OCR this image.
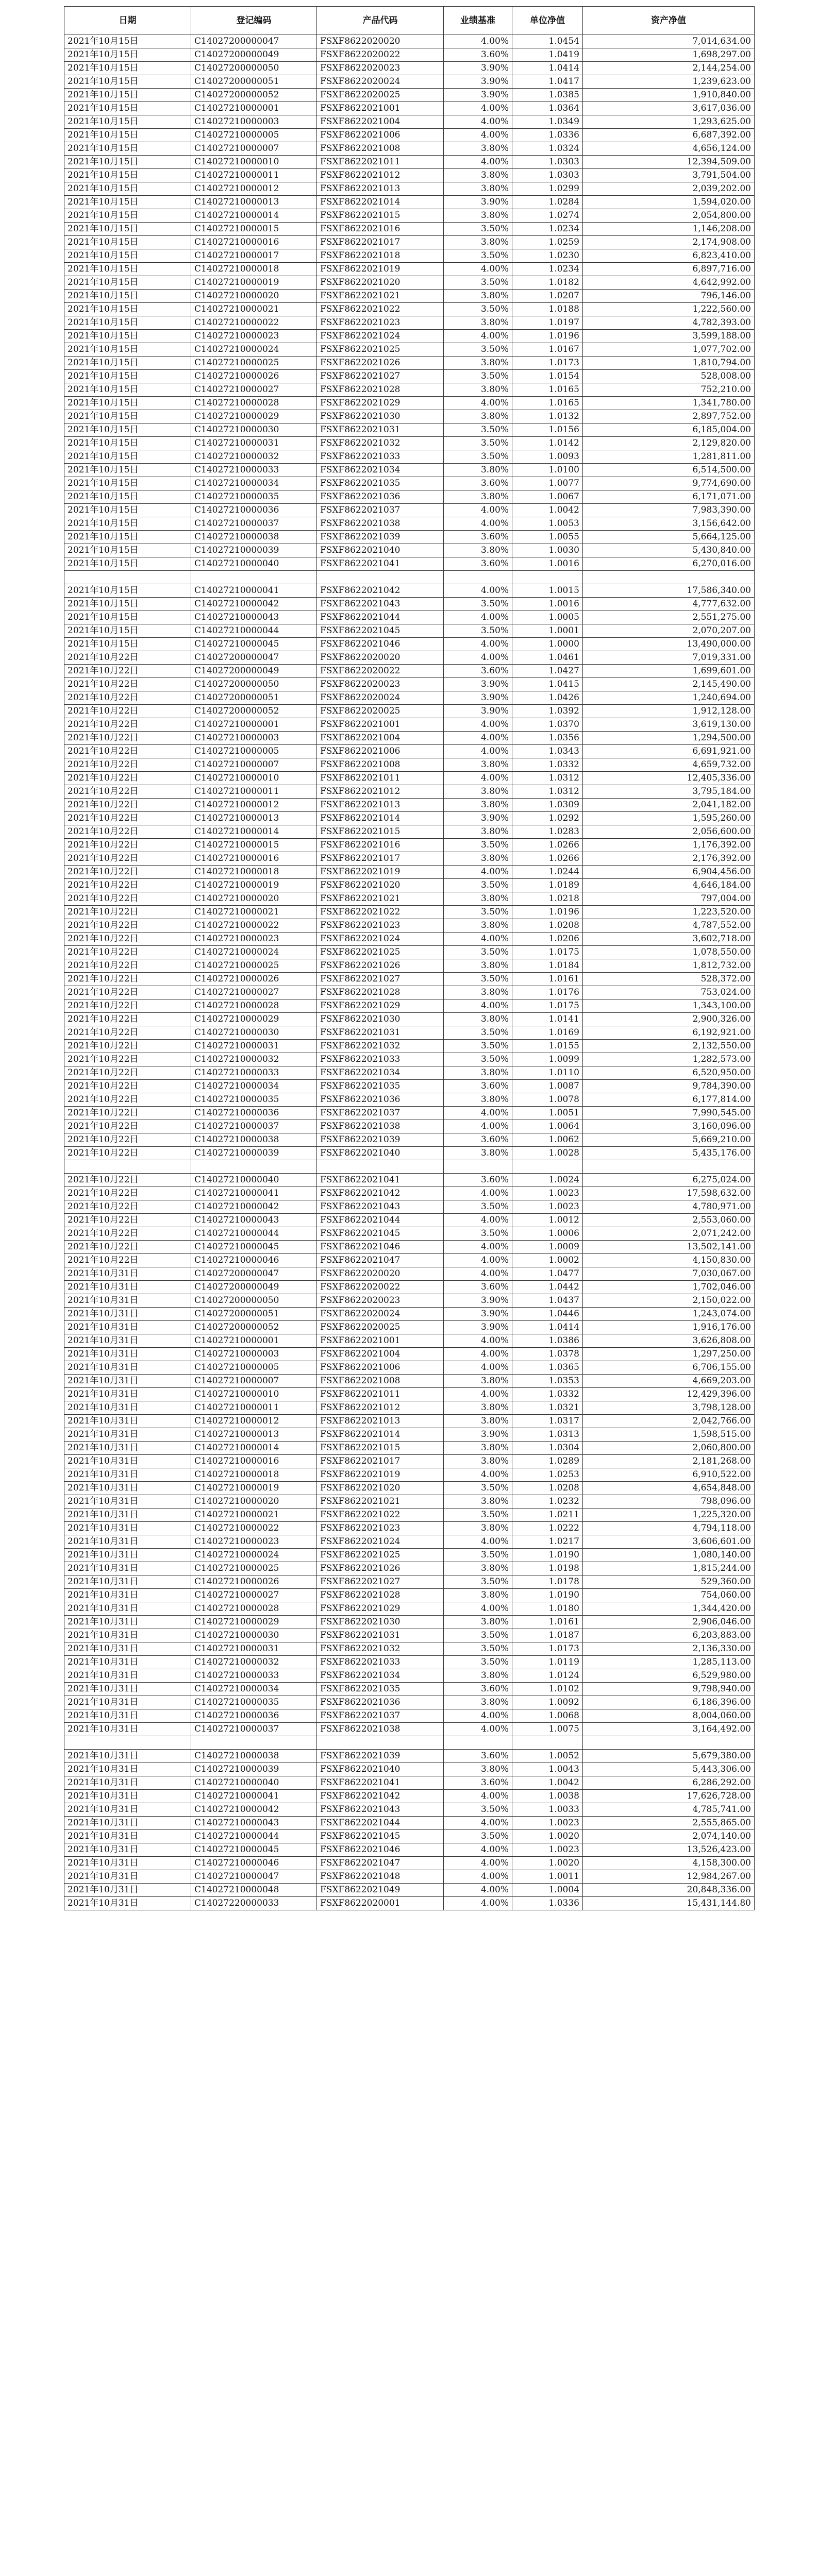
日期	登记编码	产品代码	业绩基准	单位净值	资产净值
2021年10月15日	C14027200000047	FSXF8622020020	4.00%	1.0454	7,014,634.00
2021年10月15日	C14027200000049	FSXF8622020022	3.60%	1.0419	1,698,297.00
2021年10月15日	C14027200000050	FSXF8622020023	3.90%	1.0414	2,144,254.00
2021年10月15日	C14027200000051	FSXF8622020024	3.90%	1.0417	1,239,623.00
2021年10月15日	C14027200000052	FSXF8622020025	3.90%	1.0385	1,910,840.00
2021年10月15日	C14027210000001	FSXF8622021001	4.00%	1.0364	3,617,036.00
2021年10月15日	C14027210000003	FSXF8622021004	4.00%	1.0349	1,293,625.00
2021年10月15日	C14027210000005	FSXF8622021006	4.00%	1.0336	6,687,392.00
2021年10月15日	C14027210000007	FSXF8622021008	3.80%	1.0324	4,656,124.00
2021年10月15日	C14027210000010	FSXF8622021011	4.00%	1.0303	12,394,509.00
2021年10月15日	C14027210000011	FSXF8622021012	3.80%	1.0303	3,791,504.00
2021年10月15日	C14027210000012	FSXF8622021013	3.80%	1.0299	2,039,202.00
2021年10月15日	C14027210000013	FSXF8622021014	3.90%	1.0284	1,594,020.00
2021年10月15日	C14027210000014	FSXF8622021015	3.80%	1.0274	2,054,800.00
2021年10月15日	C14027210000015	FSXF8622021016	3.50%	1.0234	1,146,208.00
2021年10月15日	C14027210000016	FSXF8622021017	3.80%	1.0259	2,174,908.00
2021年10月15日	C14027210000017	FSXF8622021018	3.50%	1.0230	6,823,410.00
2021年10月15日	C14027210000018	FSXF8622021019	4.00%	1.0234	6,897,716.00
2021年10月15日	C14027210000019	FSXF8622021020	3.50%	1.0182	4,642,992.00
2021年10月15日	C14027210000020	FSXF8622021021	3.80%	1.0207	796,146.00
2021年10月15日	C14027210000021	FSXF8622021022	3.50%	1.0188	1,222,560.00
2021年10月15日	C14027210000022	FSXF8622021023	3.80%	1.0197	4,782,393.00
2021年10月15日	C14027210000023	FSXF8622021024	4.00%	1.0196	3,599,188.00
2021年10月15日	C14027210000024	FSXF8622021025	3.50%	1.0167	1,077,702.00
2021年10月15日	C14027210000025	FSXF8622021026	3.80%	1.0173	1,810,794.00
2021年10月15日	C14027210000026	FSXF8622021027	3.50%	1.0154	528,008.00
2021年10月15日	C14027210000027	FSXF8622021028	3.80%	1.0165	752,210.00
2021年10月15日	C14027210000028	FSXF8622021029	4.00%	1.0165	1,341,780.00
2021年10月15日	C14027210000029	FSXF8622021030	3.80%	1.0132	2,897,752.00
2021年10月15日	C14027210000030	FSXF8622021031	3.50%	1.0156	6,185,004.00
2021年10月15日	C14027210000031	FSXF8622021032	3.50%	1.0142	2,129,820.00
2021年10月15日	C14027210000032	FSXF8622021033	3.50%	1.0093	1,281,811.00
2021年10月15日	C14027210000033	FSXF8622021034	3.80%	1.0100	6,514,500.00
2021年10月15日	C14027210000034	FSXF8622021035	3.60%	1.0077	9,774,690.00
2021年10月15日	C14027210000035	FSXF8622021036	3.80%	1.0067	6,171,071.00
2021年10月15日	C14027210000036	FSXF8622021037	4.00%	1.0042	7,983,390.00
2021年10月15日	C14027210000037	FSXF8622021038	4.00%	1.0053	3,156,642.00
2021年10月15日	C14027210000038	FSXF8622021039	3.60%	1.0055	5,664,125.00
2021年10月15日	C14027210000039	FSXF8622021040	3.80%	1.0030	5,430,840.00
2021年10月15日	C14027210000040	FSXF8622021041	3.60%	1.0016	6,270,016.00

2021年10月15日	C14027210000041	FSXF8622021042	4.00%	1.0015	17,586,340.00
2021年10月15日	C14027210000042	FSXF8622021043	3.50%	1.0016	4,777,632.00
2021年10月15日	C14027210000043	FSXF8622021044	4.00%	1.0005	2,551,275.00
2021年10月15日	C14027210000044	FSXF8622021045	3.50%	1.0001	2,070,207.00
2021年10月15日	C14027210000045	FSXF8622021046	4.00%	1.0000	13,490,000.00
2021年10月22日	C14027200000047	FSXF8622020020	4.00%	1.0461	7,019,331.00
2021年10月22日	C14027200000049	FSXF8622020022	3.60%	1.0427	1,699,601.00
2021年10月22日	C14027200000050	FSXF8622020023	3.90%	1.0415	2,145,490.00
2021年10月22日	C14027200000051	FSXF8622020024	3.90%	1.0426	1,240,694.00
2021年10月22日	C14027200000052	FSXF8622020025	3.90%	1.0392	1,912,128.00
2021年10月22日	C14027210000001	FSXF8622021001	4.00%	1.0370	3,619,130.00
2021年10月22日	C14027210000003	FSXF8622021004	4.00%	1.0356	1,294,500.00
2021年10月22日	C14027210000005	FSXF8622021006	4.00%	1.0343	6,691,921.00
2021年10月22日	C14027210000007	FSXF8622021008	3.80%	1.0332	4,659,732.00
2021年10月22日	C14027210000010	FSXF8622021011	4.00%	1.0312	12,405,336.00
2021年10月22日	C14027210000011	FSXF8622021012	3.80%	1.0312	3,795,184.00
2021年10月22日	C14027210000012	FSXF8622021013	3.80%	1.0309	2,041,182.00
2021年10月22日	C14027210000013	FSXF8622021014	3.90%	1.0292	1,595,260.00
2021年10月22日	C14027210000014	FSXF8622021015	3.80%	1.0283	2,056,600.00
2021年10月22日	C14027210000015	FSXF8622021016	3.50%	1.0266	1,176,392.00
2021年10月22日	C14027210000016	FSXF8622021017	3.80%	1.0266	2,176,392.00
2021年10月22日	C14027210000018	FSXF8622021019	4.00%	1.0244	6,904,456.00
2021年10月22日	C14027210000019	FSXF8622021020	3.50%	1.0189	4,646,184.00
2021年10月22日	C14027210000020	FSXF8622021021	3.80%	1.0218	797,004.00
2021年10月22日	C14027210000021	FSXF8622021022	3.50%	1.0196	1,223,520.00
2021年10月22日	C14027210000022	FSXF8622021023	3.80%	1.0208	4,787,552.00
2021年10月22日	C14027210000023	FSXF8622021024	4.00%	1.0206	3,602,718.00
2021年10月22日	C14027210000024	FSXF8622021025	3.50%	1.0175	1,078,550.00
2021年10月22日	C14027210000025	FSXF8622021026	3.80%	1.0184	1,812,732.00
2021年10月22日	C14027210000026	FSXF8622021027	3.50%	1.0161	528,372.00
2021年10月22日	C14027210000027	FSXF8622021028	3.80%	1.0176	753,024.00
2021年10月22日	C14027210000028	FSXF8622021029	4.00%	1.0175	1,343,100.00
2021年10月22日	C14027210000029	FSXF8622021030	3.80%	1.0141	2,900,326.00
2021年10月22日	C14027210000030	FSXF8622021031	3.50%	1.0169	6,192,921.00
2021年10月22日	C14027210000031	FSXF8622021032	3.50%	1.0155	2,132,550.00
2021年10月22日	C14027210000032	FSXF8622021033	3.50%	1.0099	1,282,573.00
2021年10月22日	C14027210000033	FSXF8622021034	3.80%	1.0110	6,520,950.00
2021年10月22日	C14027210000034	FSXF8622021035	3.60%	1.0087	9,784,390.00
2021年10月22日	C14027210000035	FSXF8622021036	3.80%	1.0078	6,177,814.00
2021年10月22日	C14027210000036	FSXF8622021037	4.00%	1.0051	7,990,545.00
2021年10月22日	C14027210000037	FSXF8622021038	4.00%	1.0064	3,160,096.00
2021年10月22日	C14027210000038	FSXF8622021039	3.60%	1.0062	5,669,210.00
2021年10月22日	C14027210000039	FSXF8622021040	3.80%	1.0028	5,435,176.00

2021年10月22日	C14027210000040	FSXF8622021041	3.60%	1.0024	6,275,024.00
2021年10月22日	C14027210000041	FSXF8622021042	4.00%	1.0023	17,598,632.00
2021年10月22日	C14027210000042	FSXF8622021043	3.50%	1.0023	4,780,971.00
2021年10月22日	C14027210000043	FSXF8622021044	4.00%	1.0012	2,553,060.00
2021年10月22日	C14027210000044	FSXF8622021045	3.50%	1.0006	2,071,242.00
2021年10月22日	C14027210000045	FSXF8622021046	4.00%	1.0009	13,502,141.00
2021年10月22日	C14027210000046	FSXF8622021047	4.00%	1.0002	4,150,830.00
2021年10月31日	C14027200000047	FSXF8622020020	4.00%	1.0477	7,030,067.00
2021年10月31日	C14027200000049	FSXF8622020022	3.60%	1.0442	1,702,046.00
2021年10月31日	C14027200000050	FSXF8622020023	3.90%	1.0437	2,150,022.00
2021年10月31日	C14027200000051	FSXF8622020024	3.90%	1.0446	1,243,074.00
2021年10月31日	C14027200000052	FSXF8622020025	3.90%	1.0414	1,916,176.00
2021年10月31日	C14027210000001	FSXF8622021001	4.00%	1.0386	3,626,808.00
2021年10月31日	C14027210000003	FSXF8622021004	4.00%	1.0378	1,297,250.00
2021年10月31日	C14027210000005	FSXF8622021006	4.00%	1.0365	6,706,155.00
2021年10月31日	C14027210000007	FSXF8622021008	3.80%	1.0353	4,669,203.00
2021年10月31日	C14027210000010	FSXF8622021011	4.00%	1.0332	12,429,396.00
2021年10月31日	C14027210000011	FSXF8622021012	3.80%	1.0321	3,798,128.00
2021年10月31日	C14027210000012	FSXF8622021013	3.80%	1.0317	2,042,766.00
2021年10月31日	C14027210000013	FSXF8622021014	3.90%	1.0313	1,598,515.00
2021年10月31日	C14027210000014	FSXF8622021015	3.80%	1.0304	2,060,800.00
2021年10月31日	C14027210000016	FSXF8622021017	3.80%	1.0289	2,181,268.00
2021年10月31日	C14027210000018	FSXF8622021019	4.00%	1.0253	6,910,522.00
2021年10月31日	C14027210000019	FSXF8622021020	3.50%	1.0208	4,654,848.00
2021年10月31日	C14027210000020	FSXF8622021021	3.80%	1.0232	798,096.00
2021年10月31日	C14027210000021	FSXF8622021022	3.50%	1.0211	1,225,320.00
2021年10月31日	C14027210000022	FSXF8622021023	3.80%	1.0222	4,794,118.00
2021年10月31日	C14027210000023	FSXF8622021024	4.00%	1.0217	3,606,601.00
2021年10月31日	C14027210000024	FSXF8622021025	3.50%	1.0190	1,080,140.00
2021年10月31日	C14027210000025	FSXF8622021026	3.80%	1.0198	1,815,244.00
2021年10月31日	C14027210000026	FSXF8622021027	3.50%	1.0178	529,360.00
2021年10月31日	C14027210000027	FSXF8622021028	3.80%	1.0190	754,060.00
2021年10月31日	C14027210000028	FSXF8622021029	4.00%	1.0180	1,344,420.00
2021年10月31日	C14027210000029	FSXF8622021030	3.80%	1.0161	2,906,046.00
2021年10月31日	C14027210000030	FSXF8622021031	3.50%	1.0187	6,203,883.00
2021年10月31日	C14027210000031	FSXF8622021032	3.50%	1.0173	2,136,330.00
2021年10月31日	C14027210000032	FSXF8622021033	3.50%	1.0119	1,285,113.00
2021年10月31日	C14027210000033	FSXF8622021034	3.80%	1.0124	6,529,980.00
2021年10月31日	C14027210000034	FSXF8622021035	3.60%	1.0102	9,798,940.00
2021年10月31日	C14027210000035	FSXF8622021036	3.80%	1.0092	6,186,396.00
2021年10月31日	C14027210000036	FSXF8622021037	4.00%	1.0068	8,004,060.00
2021年10月31日	C14027210000037	FSXF8622021038	4.00%	1.0075	3,164,492.00

2021年10月31日	C14027210000038	FSXF8622021039	3.60%	1.0052	5,679,380.00
2021年10月31日	C14027210000039	FSXF8622021040	3.80%	1.0043	5,443,306.00
2021年10月31日	C14027210000040	FSXF8622021041	3.60%	1.0042	6,286,292.00
2021年10月31日	C14027210000041	FSXF8622021042	4.00%	1.0038	17,626,728.00
2021年10月31日	C14027210000042	FSXF8622021043	3.50%	1.0033	4,785,741.00
2021年10月31日	C14027210000043	FSXF8622021044	4.00%	1.0023	2,555,865.00
2021年10月31日	C14027210000044	FSXF8622021045	3.50%	1.0020	2,074,140.00
2021年10月31日	C14027210000045	FSXF8622021046	4.00%	1.0023	13,526,423.00
2021年10月31日	C14027210000046	FSXF8622021047	4.00%	1.0020	4,158,300.00
2021年10月31日	C14027210000047	FSXF8622021048	4.00%	1.0011	12,984,267.00
2021年10月31日	C14027210000048	FSXF8622021049	4.00%	1.0004	20,848,336.00
2021年10月31日	C14027220000033	FSXF8622020001	4.00%	1.0336	15,431,144.80
